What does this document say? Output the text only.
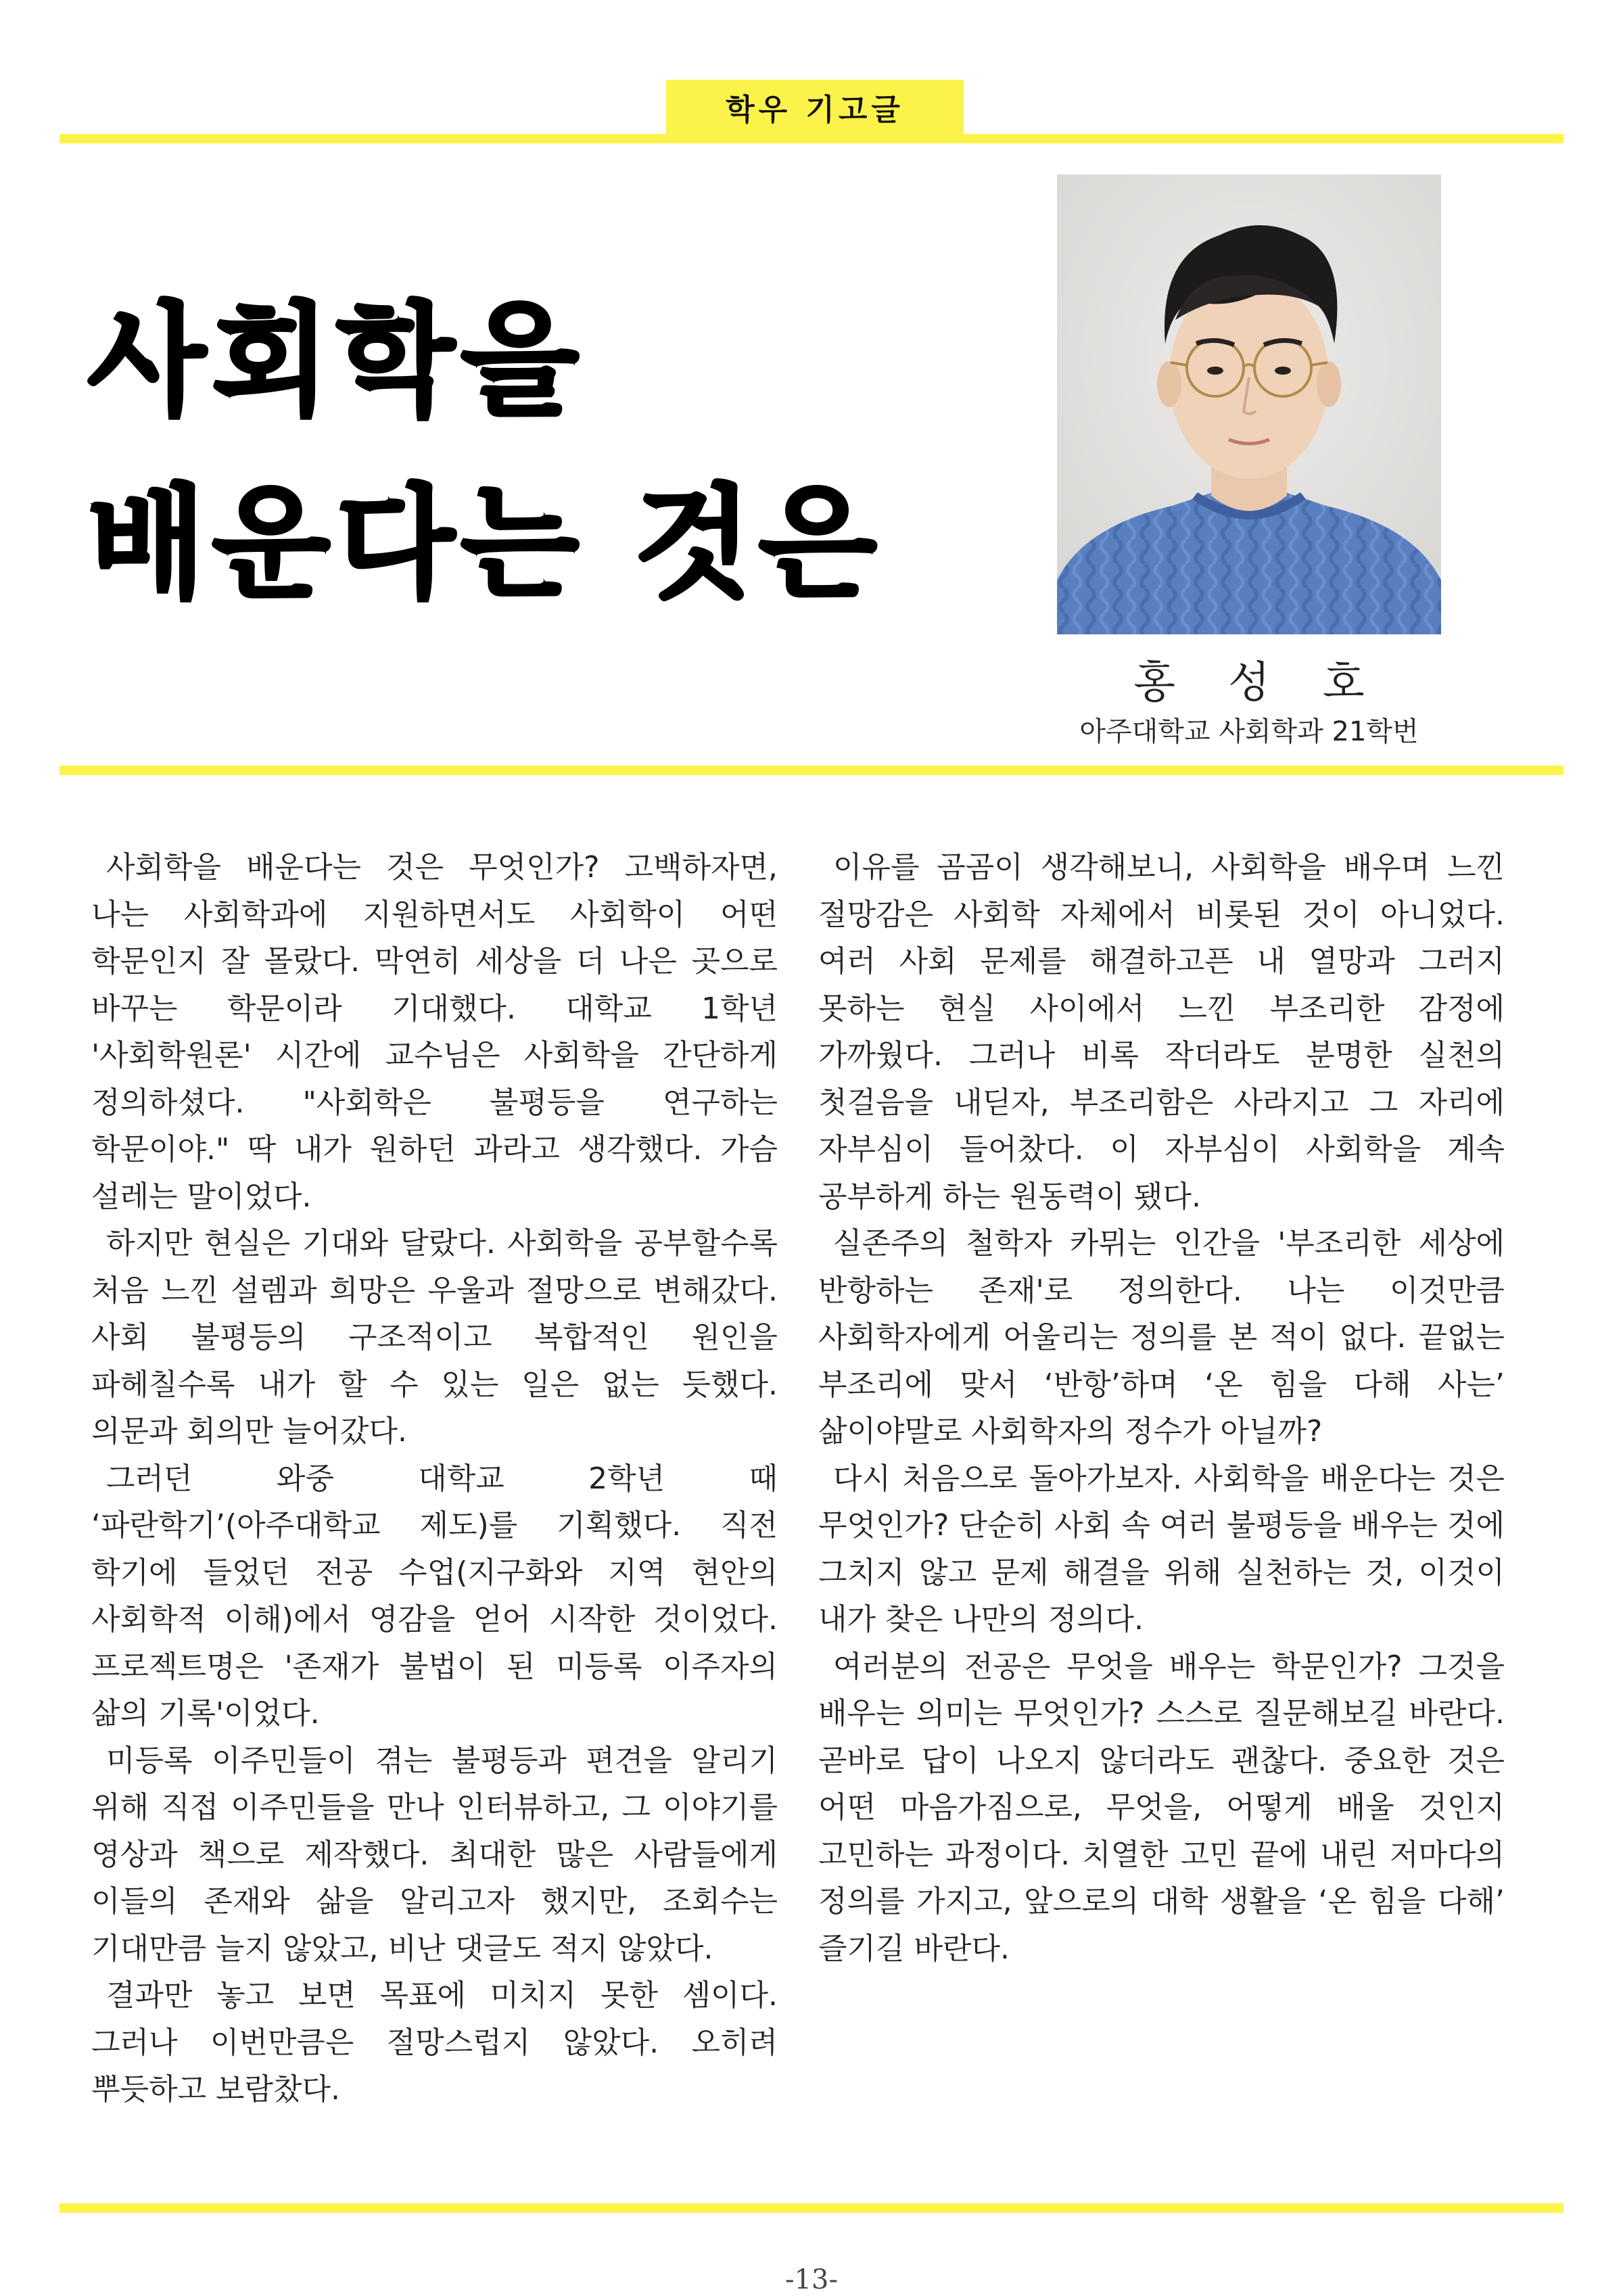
학우 기고글
사회학을
배운다는 것은
홍성호
아주대학교 사회학과 21학번

사회학을 배운다는 것은 무엇인가? 고백하자면, 나는 사회학과에 지원하면서도 사회학이 어떤 학문인지 잘 몰랐다. 막연히 세상을 더 나은 곳으로 바꾸는 학문이라 기대했다. 대학교 1학년 '사회학원론' 시간에 교수님은 사회학을 간단하게 정의하셨다. "사회학은 불평등을 연구하는 학문이야." 딱 내가 원하던 과라고 생각했다. 가슴 설레는 말이었다.

하지만 현실은 기대와 달랐다. 사회학을 공부할수록 처음 느낀 설렘과 희망은 우울과 절망으로 변해갔다. 사회 불평등의 구조적이고 복합적인 원인을 파헤칠수록 내가 할 수 있는 일은 없는 듯했다. 의문과 회의만 늘어갔다.

그러던 와중 대학교 2학년 때 ‘파란학기’(아주대학교 제도)를 기획했다. 직전 학기에 들었던 전공 수업(지구화와 지역 현안의 사회학적 이해)에서 영감을 얻어 시작한 것이었다. 프로젝트명은 '존재가 불법이 된 미등록 이주자의 삶의 기록'이었다.

미등록 이주민들이 겪는 불평등과 편견을 알리기 위해 직접 이주민들을 만나 인터뷰하고, 그 이야기를 영상과 책으로 제작했다. 최대한 많은 사람들에게 이들의 존재와 삶을 알리고자 했지만, 조회수는 기대만큼 늘지 않았고, 비난 댓글도 적지 않았다.

결과만 놓고 보면 목표에 미치지 못한 셈이다. 그러나 이번만큼은 절망스럽지 않았다. 오히려 뿌듯하고 보람찼다.

이유를 곰곰이 생각해보니, 사회학을 배우며 느낀 절망감은 사회학 자체에서 비롯된 것이 아니었다. 여러 사회 문제를 해결하고픈 내 열망과 그러지 못하는 현실 사이에서 느낀 부조리한 감정에 가까웠다. 그러나 비록 작더라도 분명한 실천의 첫걸음을 내딛자, 부조리함은 사라지고 그 자리에 자부심이 들어찼다. 이 자부심이 사회학을 계속 공부하게 하는 원동력이 됐다.

실존주의 철학자 카뮈는 인간을 '부조리한 세상에 반항하는 존재'로 정의한다. 나는 이것만큼 사회학자에게 어울리는 정의를 본 적이 없다. 끝없는 부조리에 맞서 ‘반항’하며 ‘온 힘을 다해 사는’ 삶이야말로 사회학자의 정수가 아닐까?

다시 처음으로 돌아가보자. 사회학을 배운다는 것은 무엇인가? 단순히 사회 속 여러 불평등을 배우는 것에 그치지 않고 문제 해결을 위해 실천하는 것, 이것이 내가 찾은 나만의 정의다.

여러분의 전공은 무엇을 배우는 학문인가? 그것을 배우는 의미는 무엇인가? 스스로 질문해보길 바란다. 곧바로 답이 나오지 않더라도 괜찮다. 중요한 것은 어떤 마음가짐으로, 무엇을, 어떻게 배울 것인지 고민하는 과정이다. 치열한 고민 끝에 내린 저마다의 정의를 가지고, 앞으로의 대학 생활을 ‘온 힘을 다해’ 즐기길 바란다.

-13-
